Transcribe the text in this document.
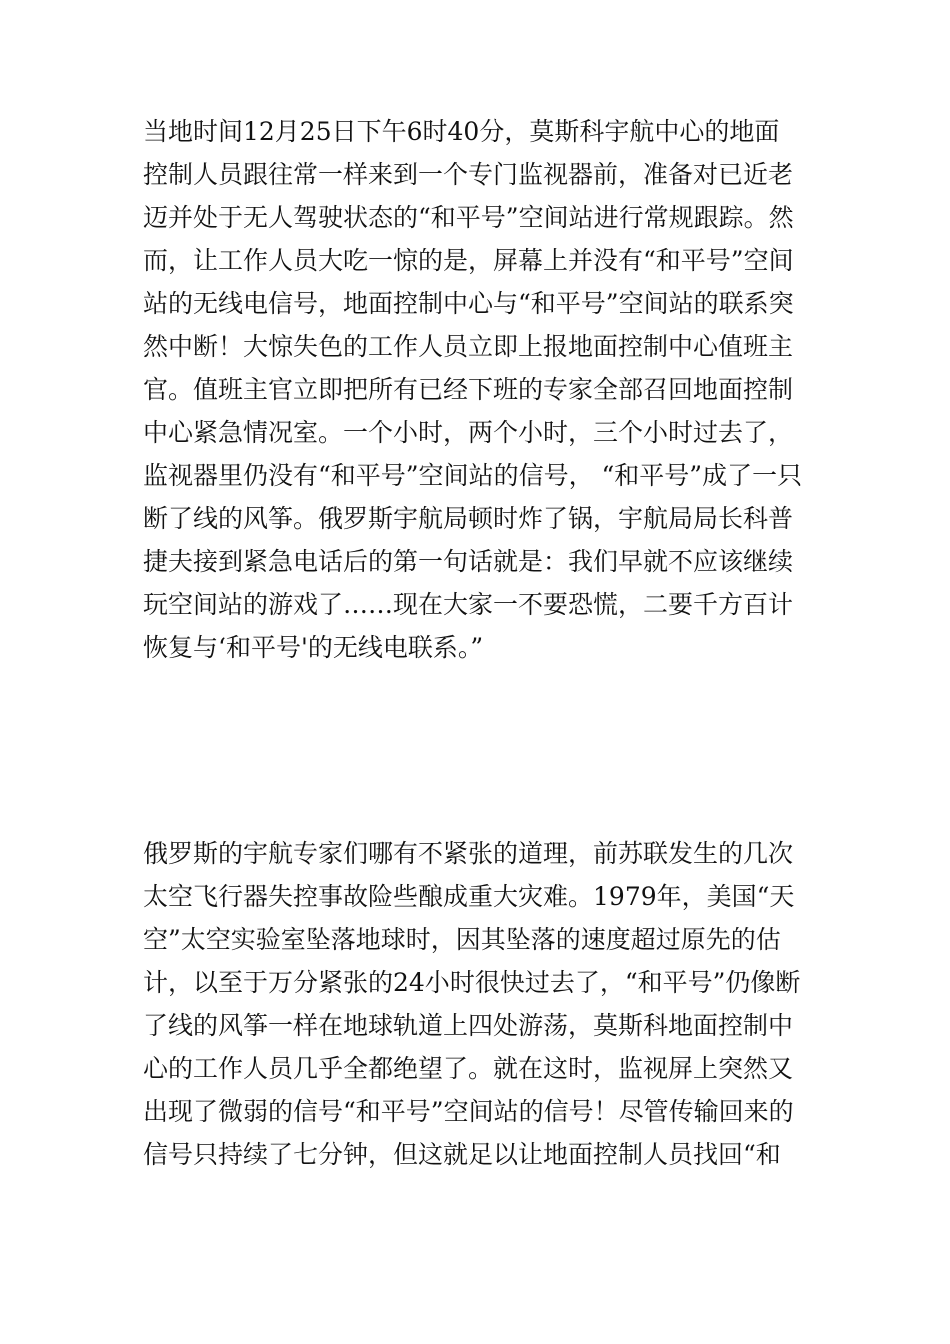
当地时间12月25日下午6时40分，莫斯科宇航中心的地面
控制人员跟往常一样来到一个专门监视器前，准备对已近老
迈并处于无人驾驶状态的“和平号”空间站进行常规跟踪。然
而，让工作人员大吃一惊的是，屏幕上并没有“和平号”空间
站的无线电信号，地面控制中心与“和平号”空间站的联系突
然中断！大惊失色的工作人员立即上报地面控制中心值班主
官。值班主官立即把所有已经下班的专家全部召回地面控制
中心紧急情况室。一个小时，两个小时，三个小时过去了，
监视器里仍没有“和平号”空间站的信号， “和平号”成了一只
断了线的风筝。俄罗斯宇航局顿时炸了锅，宇航局局长科普
捷夫接到紧急电话后的第一句话就是：我们早就不应该继续
玩空间站的游戏了……现在大家一不要恐慌，二要千方百计
恢复与‘和平号'的无线电联系。”
俄罗斯的宇航专家们哪有不紧张的道理，前苏联发生的几次
太空飞行器失控事故险些酿成重大灾难。1979年，美国“天
空”太空实验室坠落地球时，因其坠落的速度超过原先的估
计，以至于万分紧张的24小时很快过去了，“和平号”仍像断
了线的风筝一样在地球轨道上四处游荡，莫斯科地面控制中
心的工作人员几乎全都绝望了。就在这时，监视屏上突然又
出现了微弱的信号“和平号”空间站的信号！尽管传输回来的
信号只持续了七分钟，但这就足以让地面控制人员找回“和
